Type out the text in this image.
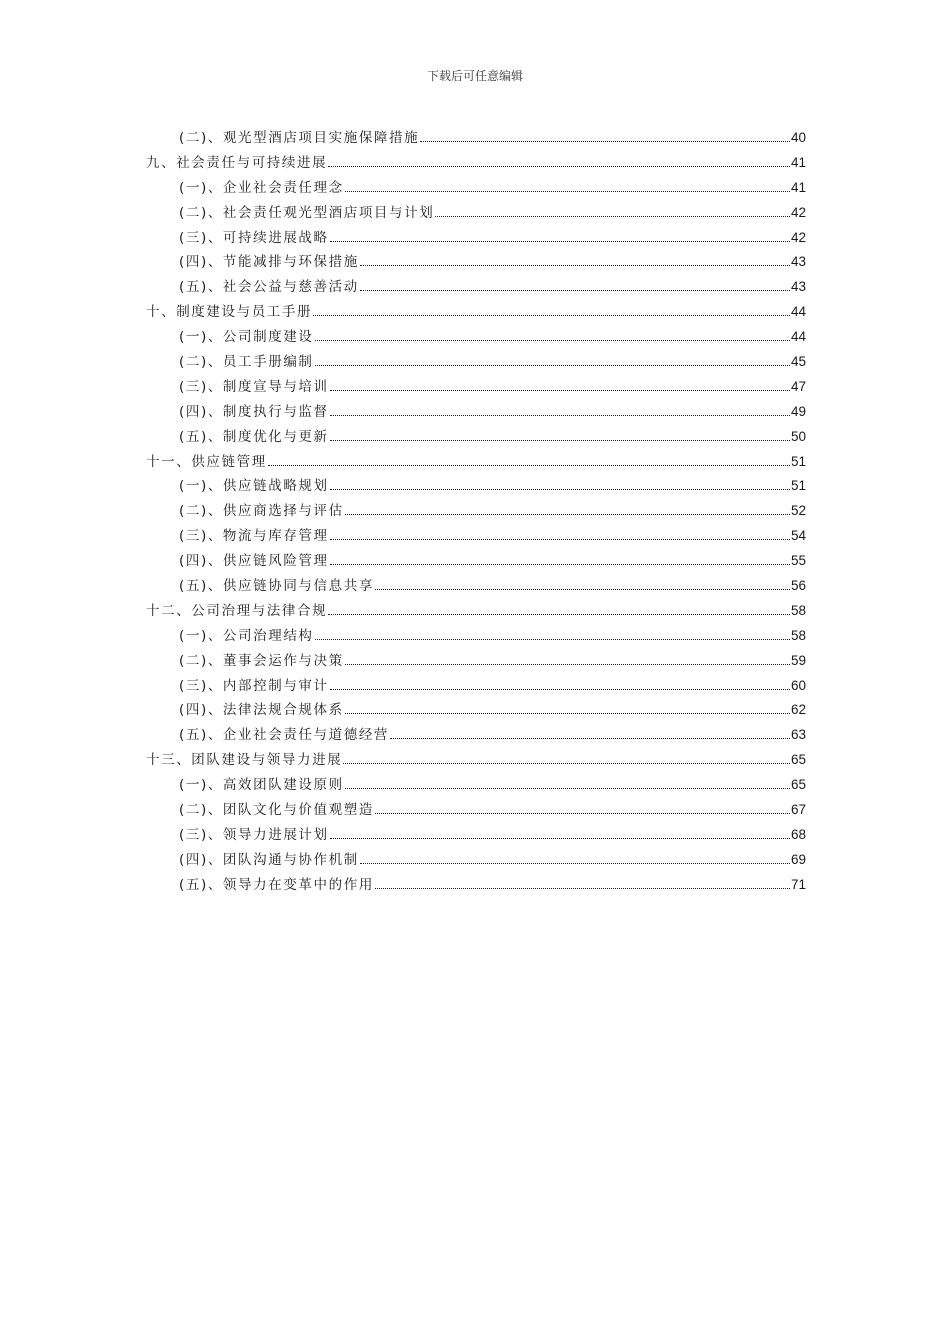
下载后可任意编辑
(二)、观光型酒店项目实施保障措施	40
九、社会责任与可持续进展	41
(一)、企业社会责任理念	41
(二)、社会责任观光型酒店项目与计划	42
(三)、可持续进展战略	42
(四)、节能减排与环保措施	43
(五)、社会公益与慈善活动	43
十、制度建设与员工手册	44
(一)、公司制度建设	44
(二)、员工手册编制	45
(三)、制度宣导与培训	47
(四)、制度执行与监督	49
(五)、制度优化与更新	50
十一、供应链管理	51
(一)、供应链战略规划	51
(二)、供应商选择与评估	52
(三)、物流与库存管理	54
(四)、供应链风险管理	55
(五)、供应链协同与信息共享	56
十二、公司治理与法律合规	58
(一)、公司治理结构	58
(二)、董事会运作与决策	59
(三)、内部控制与审计	60
(四)、法律法规合规体系	62
(五)、企业社会责任与道德经营	63
十三、团队建设与领导力进展	65
(一)、高效团队建设原则	65
(二)、团队文化与价值观塑造	67
(三)、领导力进展计划	68
(四)、团队沟通与协作机制	69
(五)、领导力在变革中的作用	71
